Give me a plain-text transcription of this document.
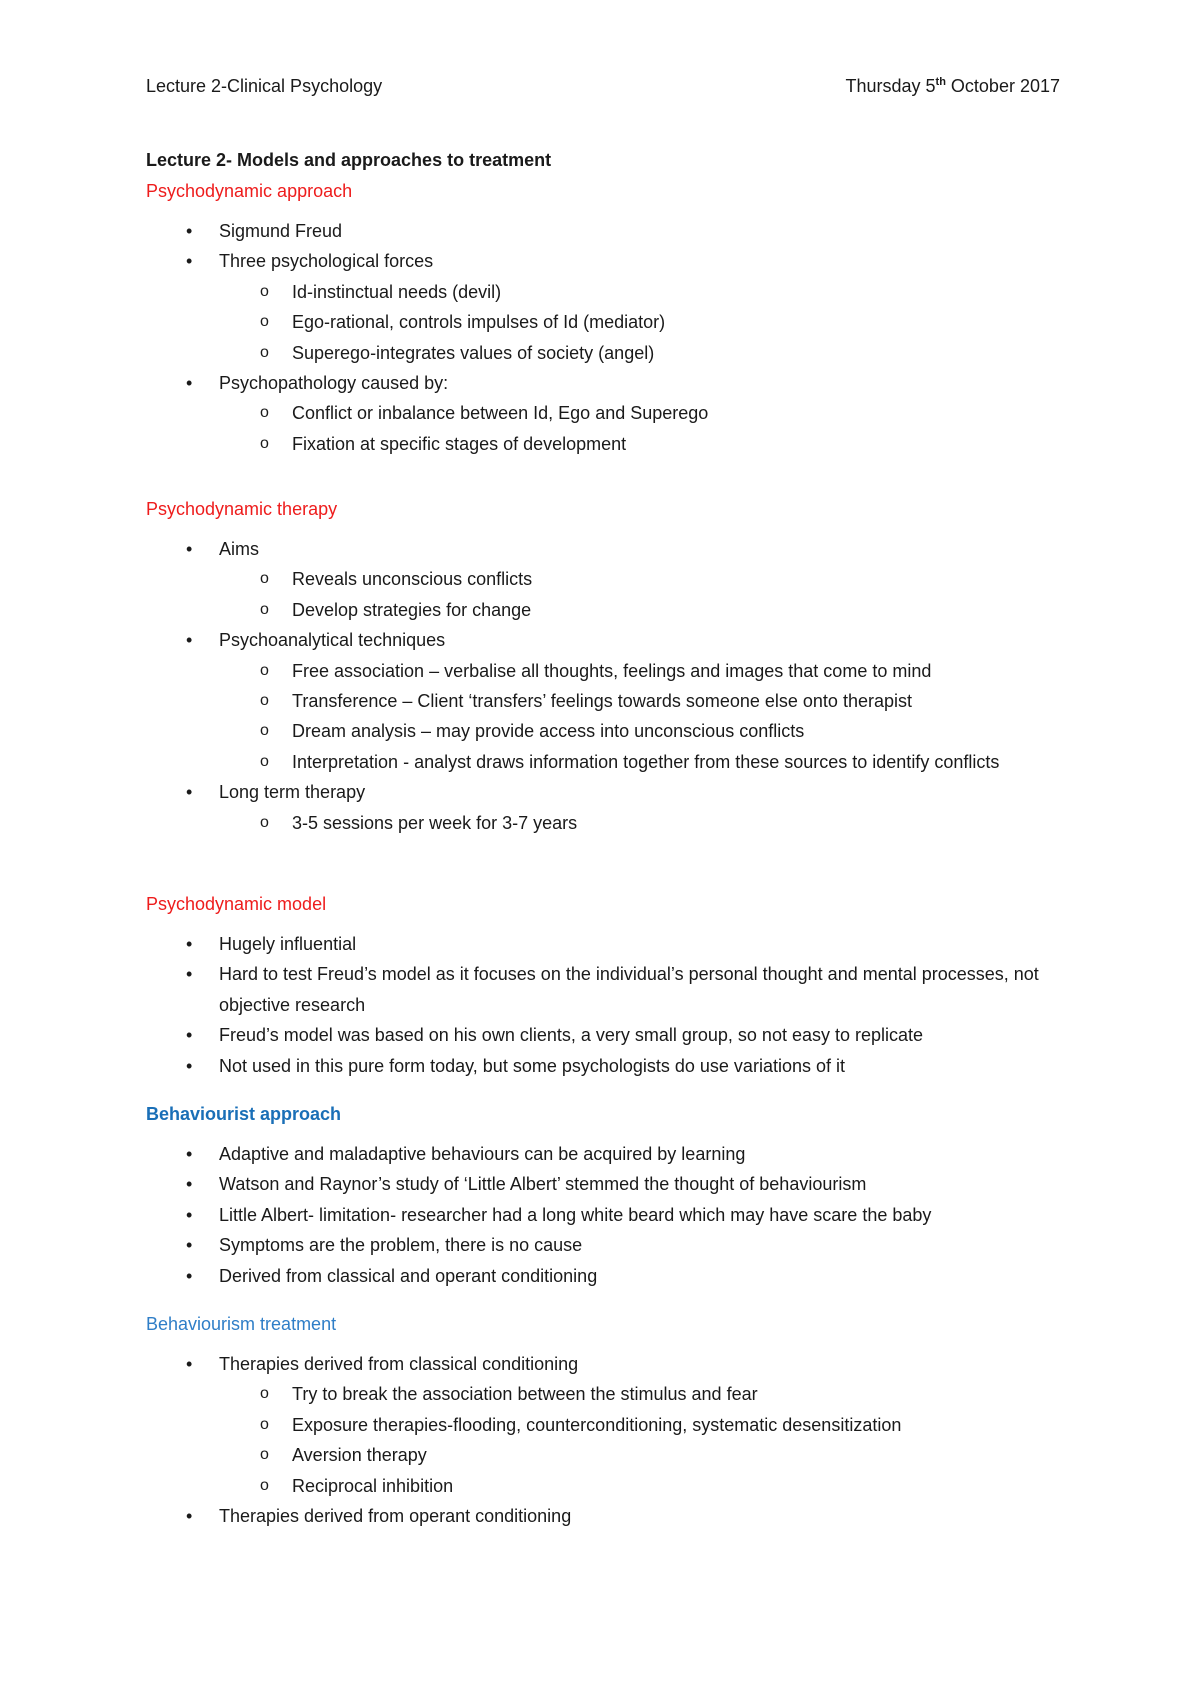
Lecture 2-Clinical Psychology	Thursday 5th October 2017
Lecture 2- Models and approaches to treatment
Psychodynamic approach
• Sigmund Freud
• Three psychological forces
o Id-instinctual needs (devil)
o Ego-rational, controls impulses of Id (mediator)
o Superego-integrates values of society (angel)
• Psychopathology caused by:
o Conflict or inbalance between Id, Ego and Superego
o Fixation at specific stages of development
Psychodynamic therapy
• Aims
o Reveals unconscious conflicts
o Develop strategies for change
• Psychoanalytical techniques
o Free association – verbalise all thoughts, feelings and images that come to mind
o Transference – Client ‘transfers’ feelings towards someone else onto therapist
o Dream analysis – may provide access into unconscious conflicts
o Interpretation - analyst draws information together from these sources to identify conflicts
• Long term therapy
o 3-5 sessions per week for 3-7 years
Psychodynamic model
• Hugely influential
• Hard to test Freud’s model as it focuses on the individual’s personal thought and mental processes, not objective research
• Freud’s model was based on his own clients, a very small group, so not easy to replicate
• Not used in this pure form today, but some psychologists do use variations of it
Behaviourist approach
• Adaptive and maladaptive behaviours can be acquired by learning
• Watson and Raynor’s study of ‘Little Albert’ stemmed the thought of behaviourism
• Little Albert- limitation- researcher had a long white beard which may have scare the baby
• Symptoms are the problem, there is no cause
• Derived from classical and operant conditioning
Behaviourism treatment
• Therapies derived from classical conditioning
o Try to break the association between the stimulus and fear
o Exposure therapies-flooding, counterconditioning, systematic desensitization
o Aversion therapy
o Reciprocal inhibition
• Therapies derived from operant conditioning
